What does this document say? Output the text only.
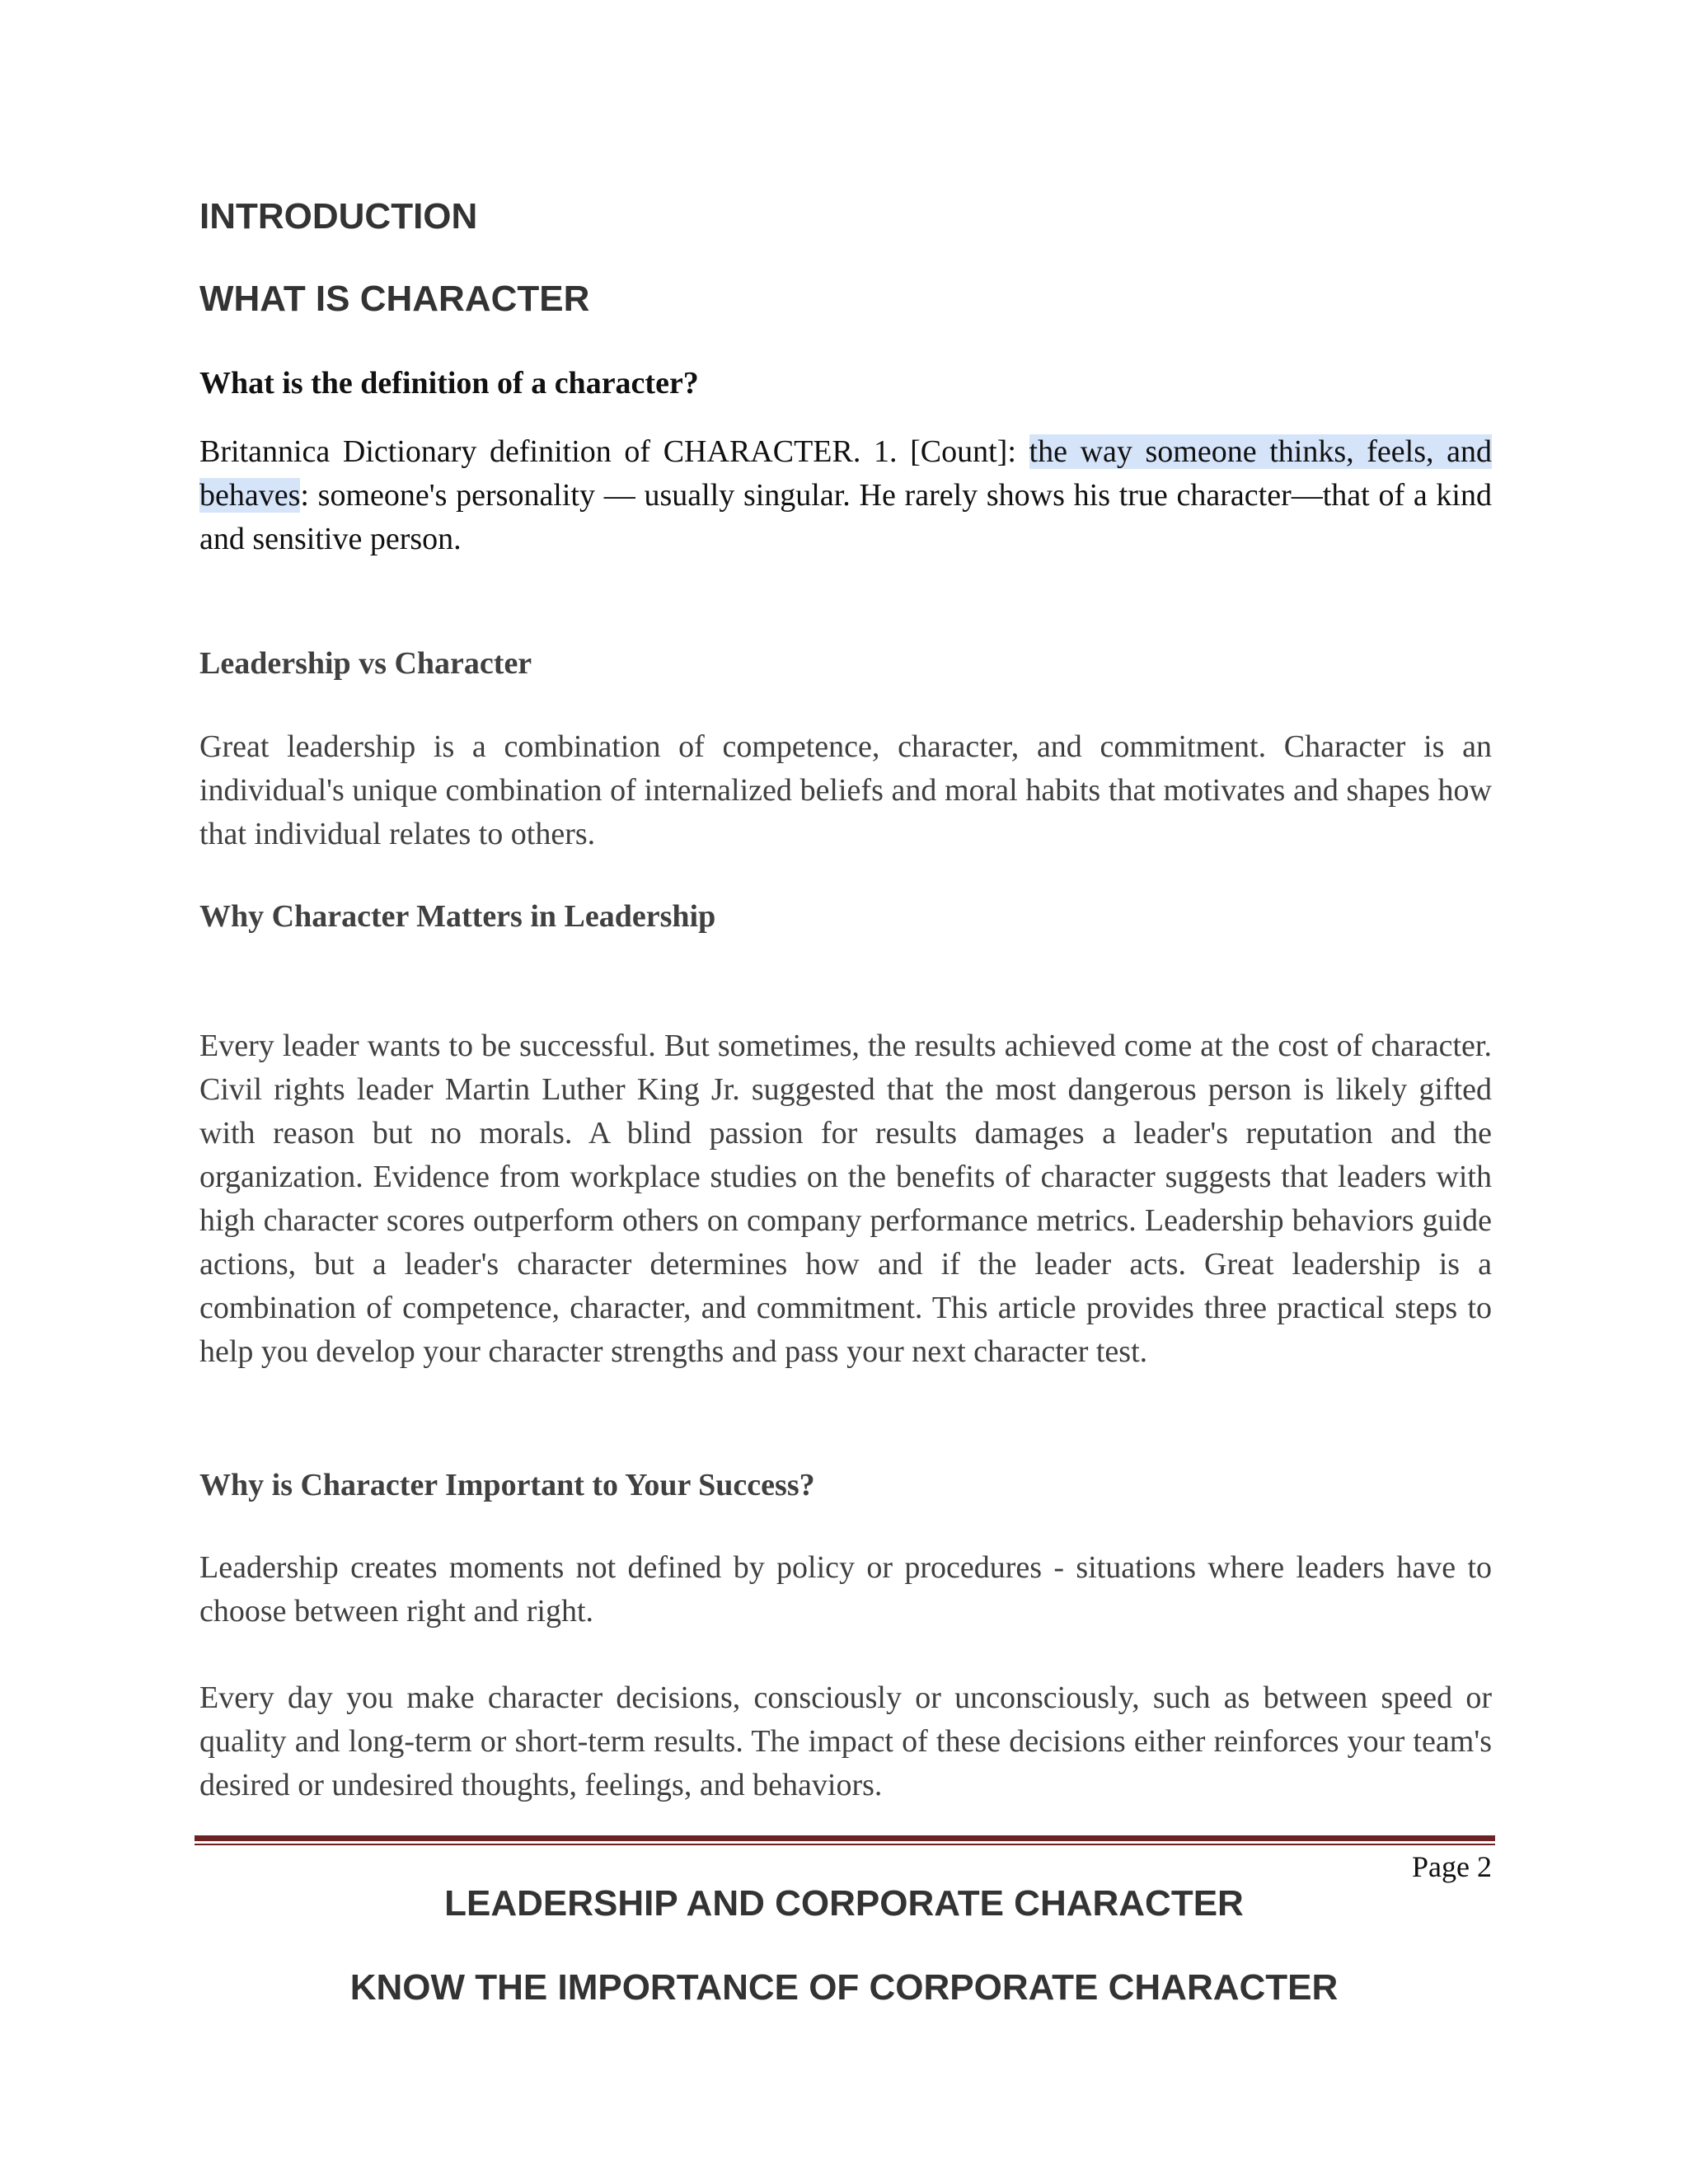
INTRODUCTION
WHAT IS CHARACTER
What is the definition of a character?

Britannica Dictionary definition of CHARACTER. 1. [Count]: the way someone thinks, feels, and behaves: someone's personality — usually singular. He rarely shows his true character—that of a kind and sensitive person.

Leadership vs Character

Great leadership is a combination of competence, character, and commitment. Character is an individual's unique combination of internalized beliefs and moral habits that motivates and shapes how that individual relates to others.

Why Character Matters in Leadership

Every leader wants to be successful. But sometimes, the results achieved come at the cost of character. Civil rights leader Martin Luther King Jr. suggested that the most dangerous person is likely gifted with reason but no morals. A blind passion for results damages a leader's reputation and the organization. Evidence from workplace studies on the benefits of character suggests that leaders with high character scores outperform others on company performance metrics. Leadership behaviors guide actions, but a leader's character determines how and if the leader acts. Great leadership is a combination of competence, character, and commitment. This article provides three practical steps to help you develop your character strengths and pass your next character test.

Why is Character Important to Your Success?

Leadership creates moments not defined by policy or procedures - situations where leaders have to choose between right and right.

Every day you make character decisions, consciously or unconsciously, such as between speed or quality and long-term or short-term results. The impact of these decisions either reinforces your team's desired or undesired thoughts, feelings, and behaviors.

Page 2
LEADERSHIP AND CORPORATE CHARACTER
KNOW THE IMPORTANCE OF CORPORATE CHARACTER
